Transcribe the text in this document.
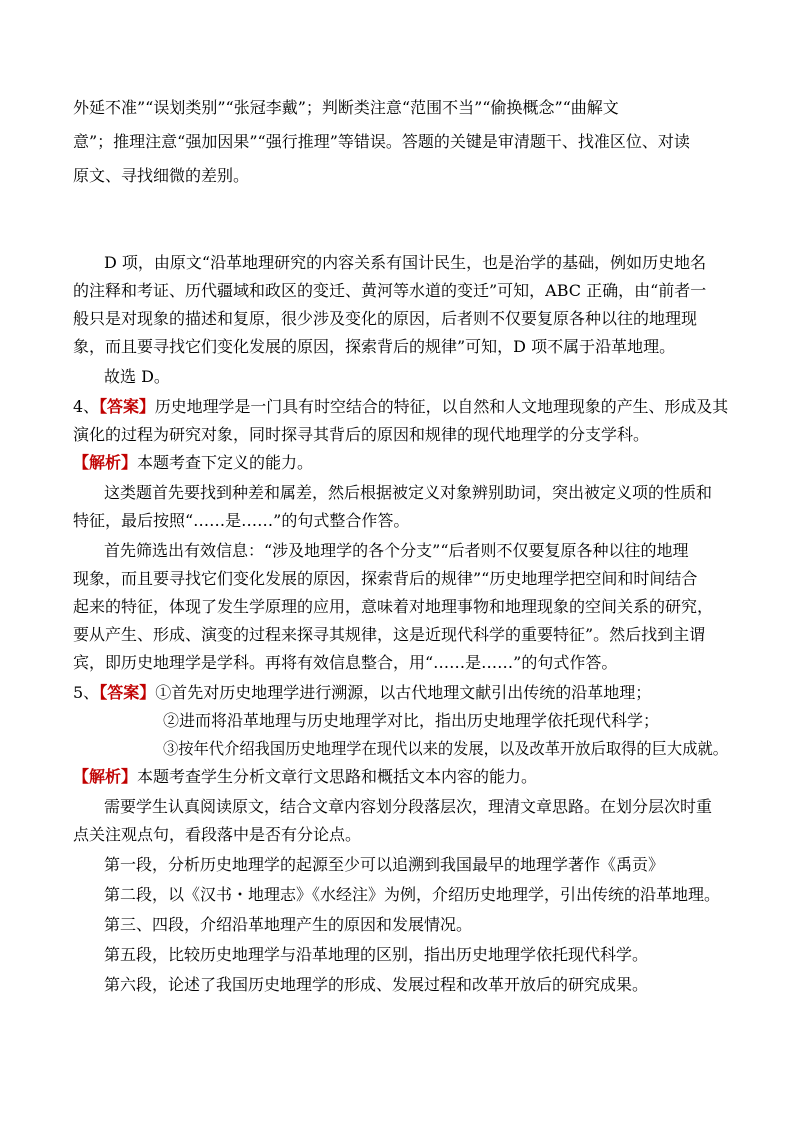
外延不准”“误划类别”“张冠李戴”；判断类注意“范围不当”“偷换概念”“曲解文
意”；推理注意“强加因果”“强行推理”等错误。答题的关键是审清题干、找准区位、对读
原文、寻找细微的差别。
D 项，由原文“沿革地理研究的内容关系有国计民生，也是治学的基础，例如历史地名
的注释和考证、历代疆域和政区的变迁、黄河等水道的变迁”可知，ABC 正确，由“前者一
般只是对现象的描述和复原，很少涉及变化的原因，后者则不仅要复原各种以往的地理现
象，而且要寻找它们变化发展的原因，探索背后的规律”可知，D 项不属于沿革地理。
故选 D。
4、【答案】历史地理学是一门具有时空结合的特征，以自然和人文地理现象的产生、形成及其
演化的过程为研究对象，同时探寻其背后的原因和规律的现代地理学的分支学科。
【解析】本题考查下定义的能力。
这类题首先要找到种差和属差，然后根据被定义对象辨别助词，突出被定义项的性质和
特征，最后按照“……是……”的句式整合作答。
首先筛选出有效信息：“涉及地理学的各个分支”“后者则不仅要复原各种以往的地理
现象，而且要寻找它们变化发展的原因，探索背后的规律”“历史地理学把空间和时间结合
起来的特征，体现了发生学原理的应用，意味着对地理事物和地理现象的空间关系的研究，
要从产生、形成、演变的过程来探寻其规律，这是近现代科学的重要特征”。然后找到主谓
宾，即历史地理学是学科。再将有效信息整合，用“……是……”的句式作答。
5、【答案】①首先对历史地理学进行溯源，以古代地理文献引出传统的沿革地理；
②进而将沿革地理与历史地理学对比，指出历史地理学依托现代科学；
③按年代介绍我国历史地理学在现代以来的发展，以及改革开放后取得的巨大成就。
【解析】本题考查学生分析文章行文思路和概括文本内容的能力。
需要学生认真阅读原文，结合文章内容划分段落层次，理清文章思路。在划分层次时重
点关注观点句，看段落中是否有分论点。
第一段，分析历史地理学的起源至少可以追溯到我国最早的地理学著作《禹贡》
第二段，以《汉书・地理志》《水经注》为例，介绍历史地理学，引出传统的沿革地理。
第三、四段，介绍沿革地理产生的原因和发展情况。
第五段，比较历史地理学与沿革地理的区别，指出历史地理学依托现代科学。
第六段，论述了我国历史地理学的形成、发展过程和改革开放后的研究成果。
